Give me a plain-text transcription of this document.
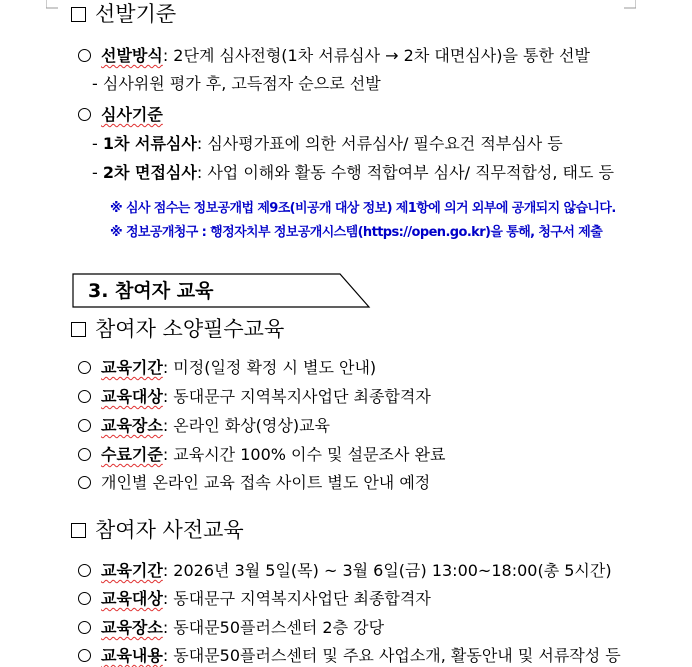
선발기준
선발방식: 2단계 심사전형(1차 서류심사 → 2차 대면심사)을 통한 선발
- 심사위원 평가 후, 고득점자 순으로 선발
심사기준
- 1차 서류심사: 심사평가표에 의한 서류심사/ 필수요건 적부심사 등
- 2차 면접심사: 사업 이해와 활동 수행 적합여부 심사/ 직무적합성, 태도 등
※ 심사 점수는 정보공개법 제9조(비공개 대상 정보) 제1항에 의거 외부에 공개되지 않습니다.
※ 정보공개청구 : 행정자치부 정보공개시스템(https://open.go.kr)을 통해, 청구서 제출
3. 참여자 교육
참여자 소양필수교육
교육기간: 미정(일정 확정 시 별도 안내)
교육대상: 동대문구 지역복지사업단 최종합격자
교육장소: 온라인 화상(영상)교육
수료기준: 교육시간 100% 이수 및 설문조사 완료
개인별 온라인 교육 접속 사이트 별도 안내 예정
참여자 사전교육
교육기간: 2026년 3월 5일(목) ~ 3월 6일(금) 13:00~18:00(총 5시간)
교육대상: 동대문구 지역복지사업단 최종합격자
교육장소: 동대문50플러스센터 2층 강당
교육내용: 동대문50플러스센터 및 주요 사업소개, 활동안내 및 서류작성 등
